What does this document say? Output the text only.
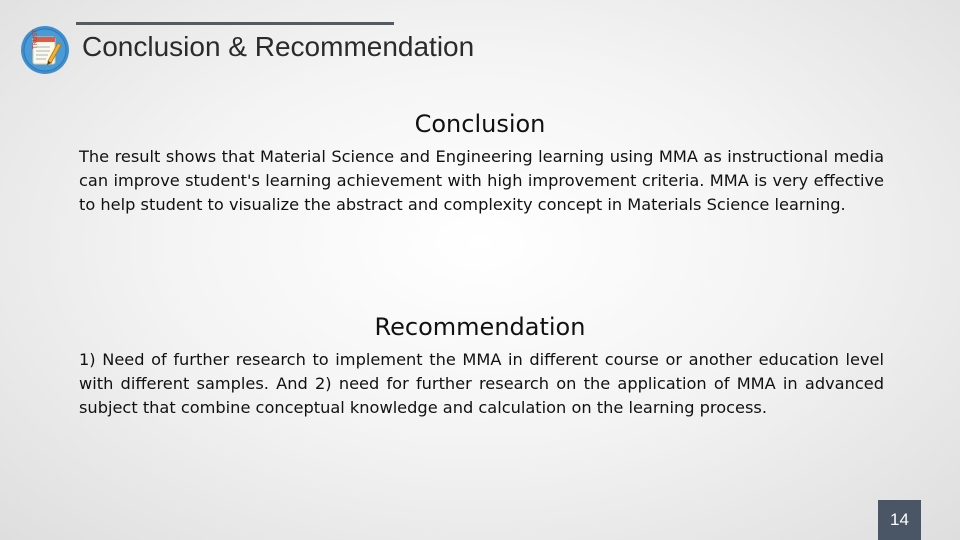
TRUST Conclusion & Recommendation
Conclusion
The result shows that Material Science and Engineering learning using MMA as instructional media can improve student's learning achievement with high improvement criteria. MMA is very effective to help student to visualize the abstract and complexity concept in Materials Science learning.
Recommendation
1) Need of further research to implement the MMA in different course or another education level with different samples. And 2) need for further research on the application of MMA in advanced subject that combine conceptual knowledge and calculation on the learning process.
14
